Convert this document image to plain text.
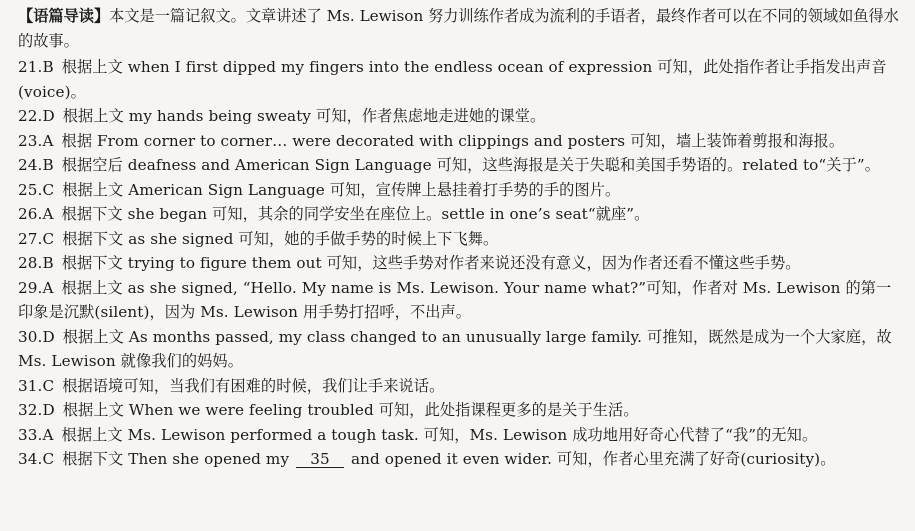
【语篇导读】本文是一篇记叙文。文章讲述了 Ms. Lewison 努力训练作者成为流利的手语者，最终作者可以在不同的领域如鱼得水的故事。

21.B 根据上文 when I first dipped my fingers into the endless ocean of expression 可知，此处指作者让手指发出声音(voice)。

22.D 根据上文 my hands being sweaty 可知，作者焦虑地走进她的课堂。

23.A 根据 From corner to corner… were decorated with clippings and posters 可知，墙上装饰着剪报和海报。

24.B 根据空后 deafness and American Sign Language 可知，这些海报是关于失聪和美国手势语的。related to“关于”。

25.C 根据上文 American Sign Language 可知，宣传牌上悬挂着打手势的手的图片。

26.A 根据下文 she began 可知，其余的同学安坐在座位上。settle in one’s seat“就座”。

27.C 根据下文 as she signed 可知，她的手做手势的时候上下飞舞。

28.B 根据下文 trying to figure them out 可知，这些手势对作者来说还没有意义，因为作者还看不懂这些手势。

29.A 根据上文 as she signed, “Hello. My name is Ms. Lewison. Your name what?”可知，作者对 Ms. Lewison 的第一印象是沉默(silent)，因为 Ms. Lewison 用手势打招呼，不出声。

30.D 根据上文 As months passed, my class changed to an unusually large family. 可推知，既然是成为一个大家庭，故 Ms. Lewison 就像我们的妈妈。

31.C 根据语境可知，当我们有困难的时候，我们让手来说话。

32.D 根据上文 When we were feeling troubled 可知，此处指课程更多的是关于生活。

33.A 根据上文 Ms. Lewison performed a tough task. 可知，Ms. Lewison 成功地用好奇心代替了“我”的无知。

34.C 根据下文 Then she opened my 35 and opened it even wider. 可知，作者心里充满了好奇(curiosity)。
